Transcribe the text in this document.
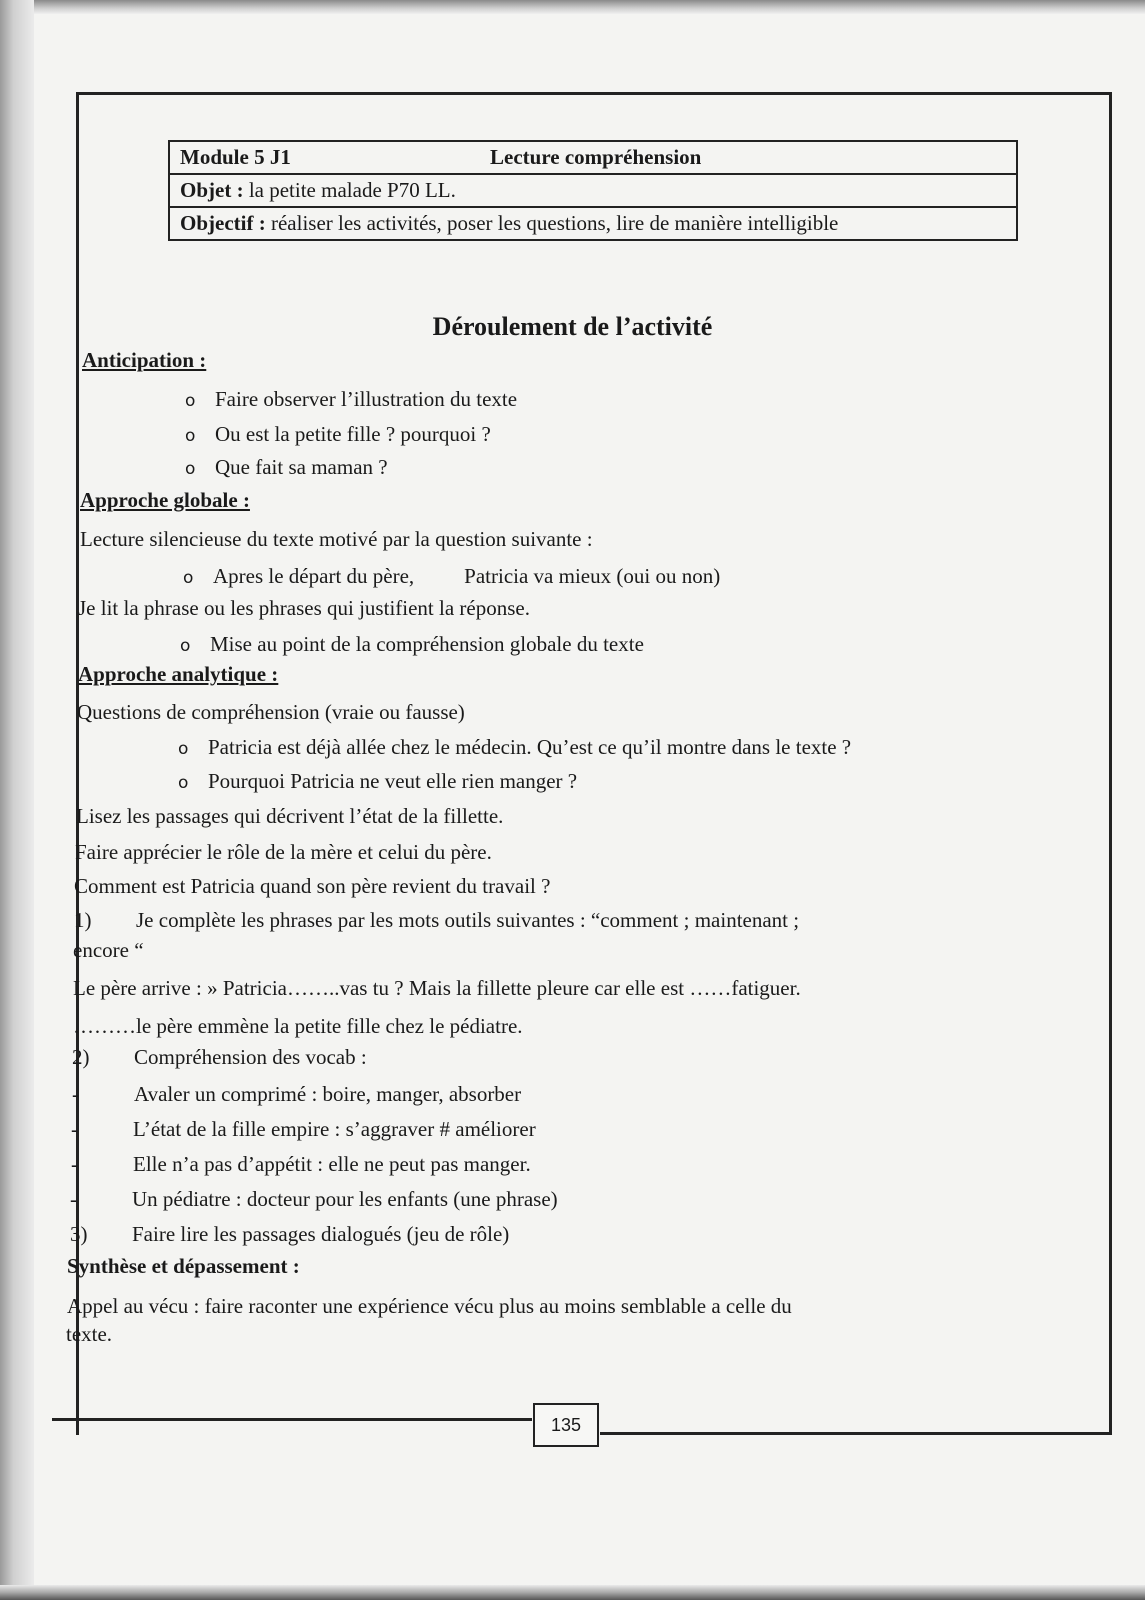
Module 5 J1	Lecture compréhension

Objet : la petite malade P70 LL.
Objectif : réaliser les activités, poser les questions, lire de manière intelligible
Déroulement de l’activité
Anticipation :
o Faire observer l’illustration du texte
o Ou est la petite fille ? pourquoi ?
o Que fait sa maman ?
Approche globale :
Lecture silencieuse du texte motivé par la question suivante :
o Apres le départ du père, Patricia va mieux (oui ou non)
Je lit la phrase ou les phrases qui justifient la réponse.
o Mise au point de la compréhension globale du texte
Approche analytique :
Questions de compréhension (vraie ou fausse)
o Patricia est déjà allée chez le médecin. Qu’est ce qu’il montre dans le texte ?
o Pourquoi Patricia ne veut elle rien manger ?
Lisez les passages qui décrivent l’état de la fillette.
Faire apprécier le rôle de la mère et celui du père.
Comment est Patricia quand son père revient du travail ?
1) Je complète les phrases par les mots outils suivantes : “comment ; maintenant ;
encore “
Le père arrive : » Patricia……..vas tu ? Mais la fillette pleure car elle est ……fatiguer.
………le père emmène la petite fille chez le pédiatre.
2) Compréhension des vocab :
-	Avaler un comprimé : boire, manger, absorber
-	L’état de la fille empire : s’aggraver # améliorer
-	Elle n’a pas d’appétit : elle ne peut pas manger.
-	Un pédiatre : docteur pour les enfants (une phrase)
3) Faire lire les passages dialogués (jeu de rôle)
Synthèse et dépassement :
Appel au vécu : faire raconter une expérience vécu plus au moins semblable a celle du
texte.
135
